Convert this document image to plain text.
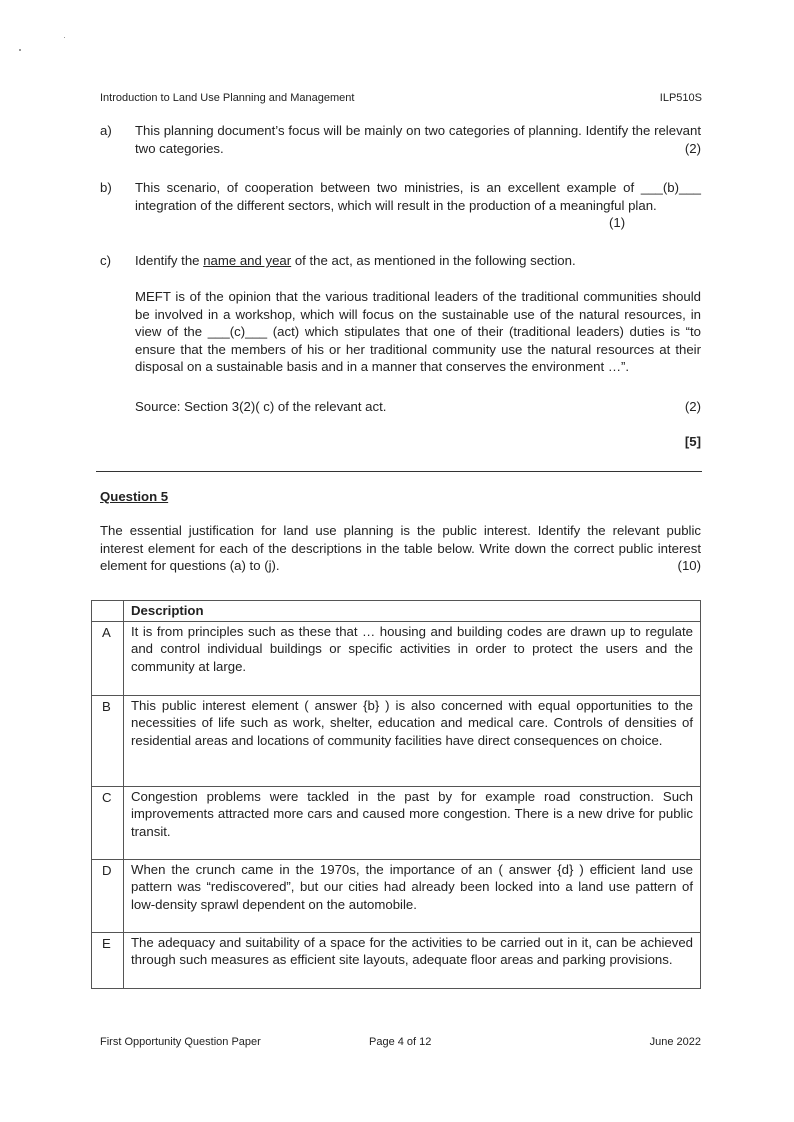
Introduction to Land Use Planning and Management	ILP510S
a) This planning document’s focus will be mainly on two categories of planning. Identify the relevant two categories.	(2)
b) This scenario, of cooperation between two ministries, is an excellent example of ___(b)___ integration of the different sectors, which will result in the production of a meaningful plan.
(1)
c) Identify the name and year of the act, as mentioned in the following section.
MEFT is of the opinion that the various traditional leaders of the traditional communities should be involved in a workshop, which will focus on the sustainable use of the natural resources, in view of the ___(c)___ (act) which stipulates that one of their (traditional leaders) duties is “to ensure that the members of his or her traditional community use the natural resources at their disposal on a sustainable basis and in a manner that conserves the environment …”.
Source: Section 3(2)( c) of the relevant act.	(2)
[5]
Question 5
The essential justification for land use planning is the public interest. Identify the relevant public interest element for each of the descriptions in the table below. Write down the correct public interest element for questions (a) to (j).	(10)
	Description
A	It is from principles such as these that … housing and building codes are drawn up to regulate and control individual buildings or specific activities in order to protect the users and the community at large.
B	This public interest element ( answer {b} ) is also concerned with equal opportunities to the necessities of life such as work, shelter, education and medical care. Controls of densities of residential areas and locations of community facilities have direct consequences on choice.
C	Congestion problems were tackled in the past by for example road construction. Such improvements attracted more cars and caused more congestion. There is a new drive for public transit.
D	When the crunch came in the 1970s, the importance of an ( answer {d} ) efficient land use pattern was “rediscovered”, but our cities had already been locked into a land use pattern of low-density sprawl dependent on the automobile.
E	The adequacy and suitability of a space for the activities to be carried out in it, can be achieved through such measures as efficient site layouts, adequate floor areas and parking provisions.
First Opportunity Question Paper	Page 4 of 12	June 2022
